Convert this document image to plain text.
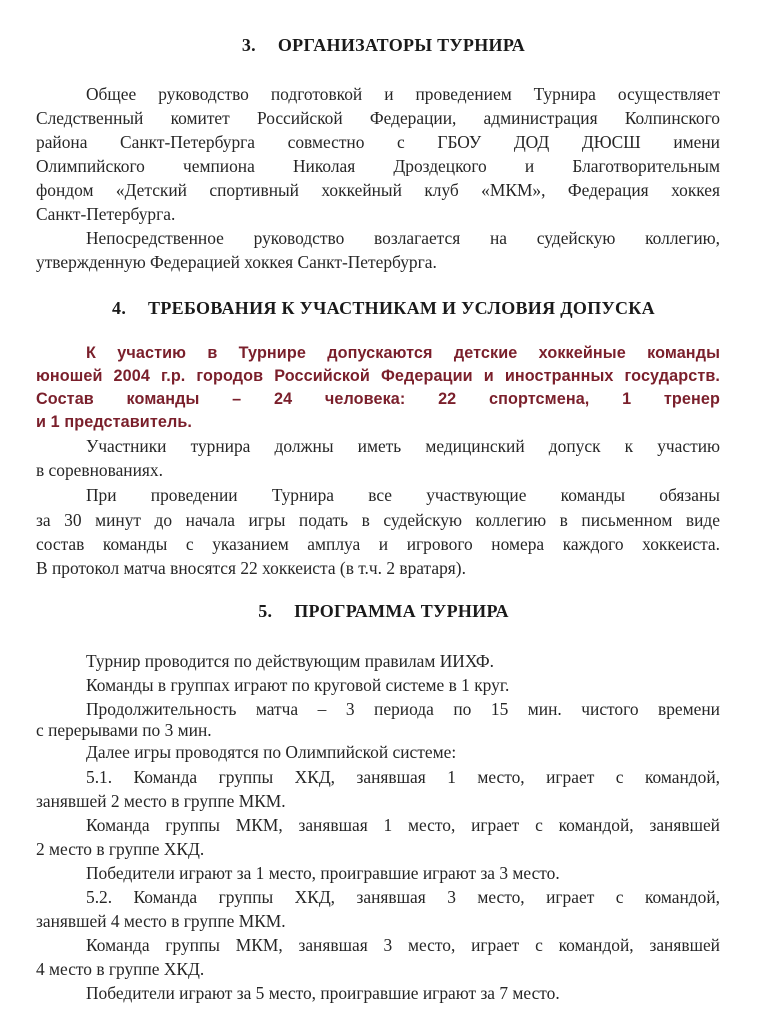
3. ОРГАНИЗАТОРЫ ТУРНИРА
Общее руководство подготовкой и проведением Турнира осуществляет
Следственный комитет Российской Федерации, администрация Колпинского
района Санкт-Петербурга совместно с ГБОУ ДОД ДЮСШ имени
Олимпийского чемпиона Николая Дроздецкого и Благотворительным
фондом «Детский спортивный хоккейный клуб «МКМ», Федерация хоккея
Санкт-Петербурга.
Непосредственное руководство возлагается на судейскую коллегию,
утвержденную Федерацией хоккея Санкт-Петербурга.
4. ТРЕБОВАНИЯ К УЧАСТНИКАМ И УСЛОВИЯ ДОПУСКА
К участию в Турнире допускаются детские хоккейные команды
юношей 2004 г.р. городов Российской Федерации и иностранных государств.
Состав команды – 24 человека: 22 спортсмена, 1 тренер
и 1 представитель.
Участники турнира должны иметь медицинский допуск к участию
в соревнованиях.
При проведении Турнира все участвующие команды обязаны
за 30 минут до начала игры подать в судейскую коллегию в письменном виде
состав команды с указанием амплуа и игрового номера каждого хоккеиста.
В протокол матча вносятся 22 хоккеиста (в т.ч. 2 вратаря).
5. ПРОГРАММА ТУРНИРА
Турнир проводится по действующим правилам ИИХФ.
Команды в группах играют по круговой системе в 1 круг.
Продолжительность матча – 3 периода по 15 мин. чистого времени
с перерывами по 3 мин.
Далее игры проводятся по Олимпийской системе:
5.1. Команда группы ХКД, занявшая 1 место, играет с командой,
занявшей 2 место в группе МКМ.
Команда группы МКМ, занявшая 1 место, играет с командой, занявшей
2 место в группе ХКД.
Победители играют за 1 место, проигравшие играют за 3 место.
5.2. Команда группы ХКД, занявшая 3 место, играет с командой,
занявшей 4 место в группе МКМ.
Команда группы МКМ, занявшая 3 место, играет с командой, занявшей
4 место в группе ХКД.
Победители играют за 5 место, проигравшие играют за 7 место.
